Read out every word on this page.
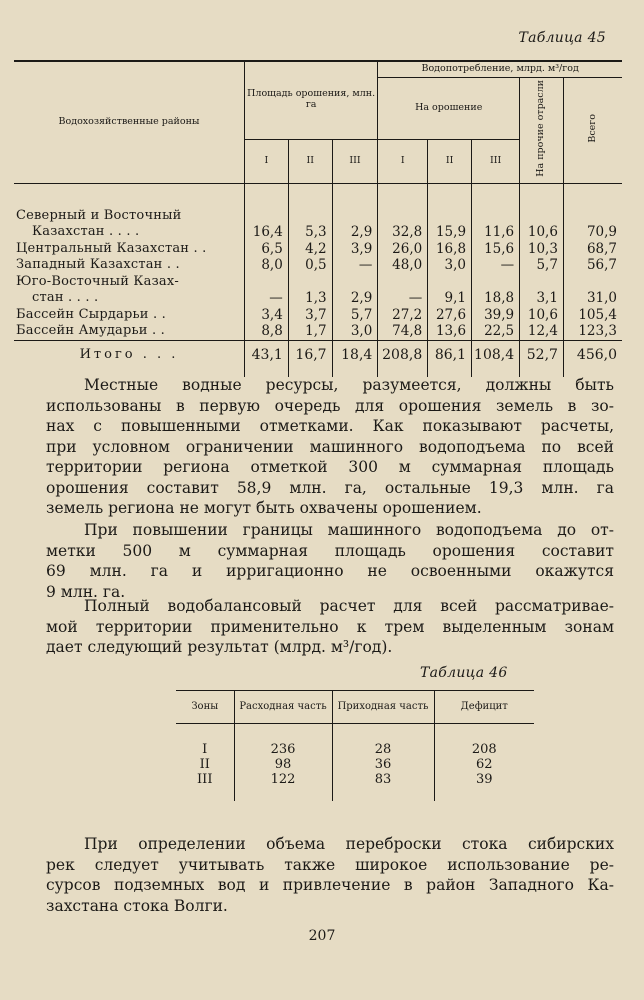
Таблица 45
Водохозяйственные районы	Площадь орошения, млн. га			Водопотребление, млрд. м³/год				
				На орошение			На прочие отрасли	Всего
	I	II	III	I	II	III		
Северный и Восточный								
Казахстан . . . .	16,4	5,3	2,9	32,8	15,9	11,6	10,6	70,9
Центральный Казахстан . .	6,5	4,2	3,9	26,0	16,8	15,6	10,3	68,7
Западный Казахстан . .	8,0	0,5	—	48,0	3,0	—	5,7	56,7
Юго-Восточный Казах-								
стан . . . .	—	1,3	2,9	—	9,1	18,8	3,1	31,0
Бассейн Сырдарьи . .	3,4	3,7	5,7	27,2	27,6	39,9	10,6	105,4
Бассейн Амударьи . .	8,8	1,7	3,0	74,8	13,6	22,5	12,4	123,3
Итого . . .	43,1	16,7	18,4	208,8	86,1	108,4	52,7	456,0
Местные водные ресурсы, разумеется, должны быть
использованы в первую очередь для орошения земель в зо-
нах с повышенными отметками. Как показывают расчеты,
при условном ограничении машинного водоподъема по всей
территории региона отметкой 300 м суммарная площадь
орошения составит 58,9 млн. га, остальные 19,3 млн. га
земель региона не могут быть охвачены орошением.
При повышении границы машинного водоподъема до от-
метки 500 м суммарная площадь орошения составит
69 млн. га и ирригационно не освоенными окажутся
9 млн. га.
Полный водобалансовый расчет для всей рассматривае-
мой территории применительно к трем выделенным зонам
дает следующий результат (млрд. м³/год).
Таблица 46
Зоны	Расходная часть	Приходная часть	Дефицит
I	236	28	208
II	98	36	62
III	122	83	39

При определении объема переброски стока сибирских
рек следует учитывать также широкое использование ре-
сурсов подземных вод и привлечение в район Западного Ка-
захстана стока Волги.
207
